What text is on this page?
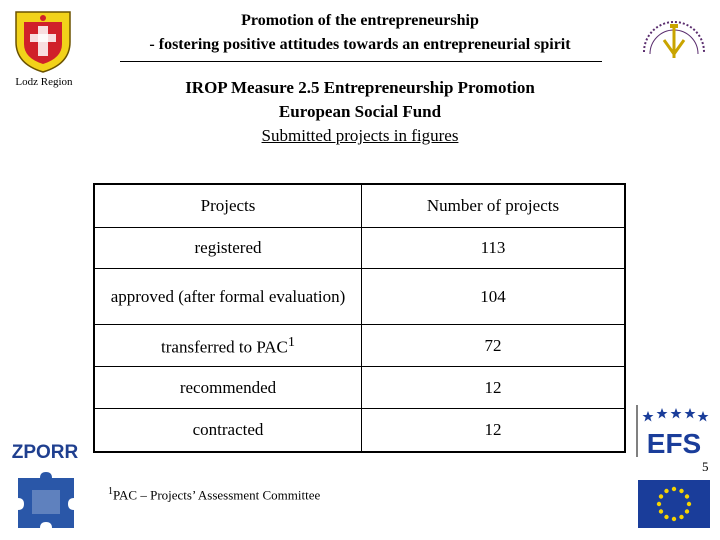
Lodz Region
Promotion of the entrepreneurship
- fostering positive attitudes towards an entrepreneurial spirit
IROP Measure 2.5 Entrepreneurship Promotion
European Social Fund
Submitted projects in figures
Projects	Number of projects
registered	113
approved (after formal evaluation)	104
transferred to PAC$^1$	72
recommended	12
contracted	12
5
$^1$PAC – Projects’ Assessment Committee
ZPORR	EFS
